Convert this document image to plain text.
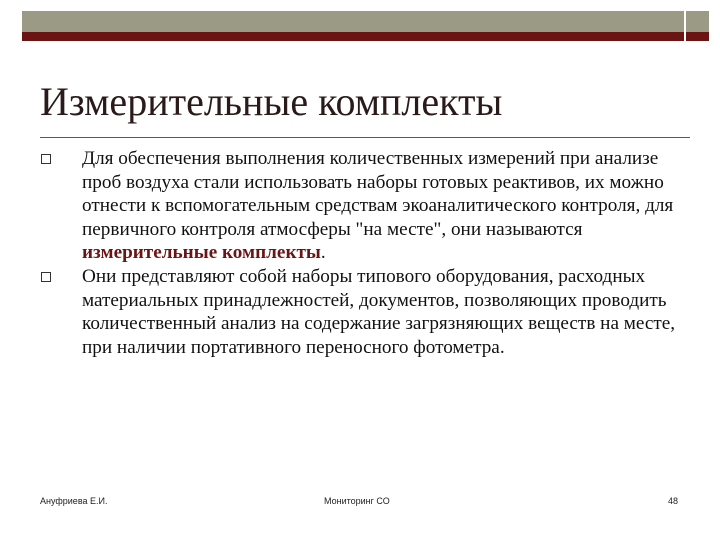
Измерительные комплекты
Для обеспечения выполнения количественных измерений при анализе проб воздуха стали использовать наборы готовых реактивов, их можно отнести к вспомогательным средствам экоаналитического контроля, для первичного контроля атмосферы "на месте", они называются измерительные комплекты.
Они представляют собой наборы типового оборудования, расходных материальных принадлежностей, документов, позволяющих проводить количественный анализ на содержание загрязняющих веществ на месте, при наличии портативного переносного фотометра.
Ануфриева Е.И.	Мониторинг СО	48
